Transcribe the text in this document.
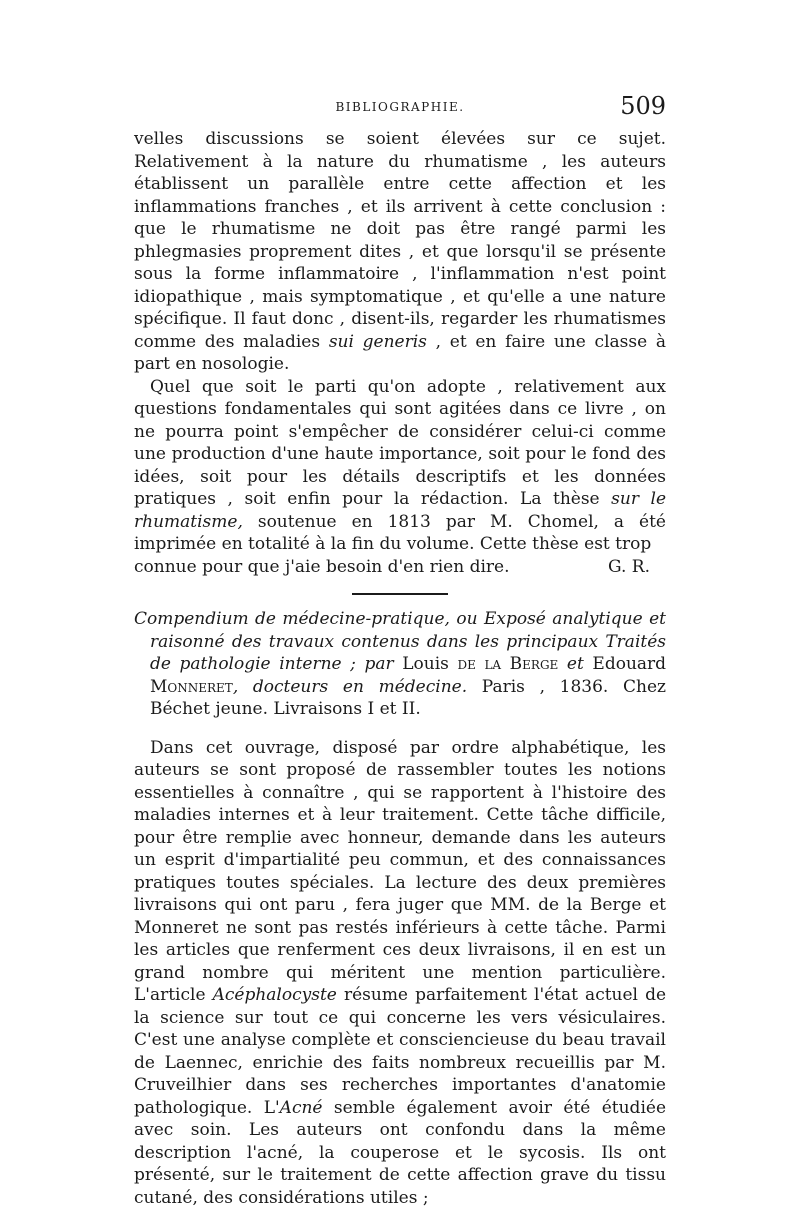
BIBLIOGRAPHIE.	509

velles discussions se soient élevées sur ce sujet. Relativement à la nature du rhumatisme , les auteurs établissent un parallèle entre cette affection et les inflammations franches , et ils arrivent à cette conclusion : que le rhumatisme ne doit pas être rangé parmi les phlegmasies proprement dites , et que lorsqu'il se présente sous la forme inflammatoire , l'inflammation n'est point idiopathique , mais symptomatique , et qu'elle a une nature spécifique. Il faut donc , disent-ils, regarder les rhumatismes comme des maladies sui generis , et en faire une classe à part en nosologie.

Quel que soit le parti qu'on adopte , relativement aux questions fondamentales qui sont agitées dans ce livre , on ne pourra point s'empêcher de considérer celui-ci comme une production d'une haute importance, soit pour le fond des idées, soit pour les détails descriptifs et les données pratiques , soit enfin pour la rédaction. La thèse sur le rhumatisme, soutenue en 1813 par M. Chomel, a été imprimée en totalité à la fin du volume. Cette thèse est trop

connue pour que j'aie besoin d'en rien dire.	G. R.

Compendium de médecine-pratique, ou Exposé analytique et raisonné des travaux contenus dans les principaux Traités de pathologie interne ; par Louis de la Berge et Edouard Monneret, docteurs en médecine. Paris , 1836. Chez Béchet jeune. Livraisons I et II.

Dans cet ouvrage, disposé par ordre alphabétique, les auteurs se sont proposé de rassembler toutes les notions essentielles à connaître , qui se rapportent à l'histoire des maladies internes et à leur traitement. Cette tâche difficile, pour être remplie avec honneur, demande dans les auteurs un esprit d'impartialité peu commun, et des connaissances pratiques toutes spéciales. La lecture des deux premières livraisons qui ont paru , fera juger que MM. de la Berge et Monneret ne sont pas restés inférieurs à cette tâche. Parmi les articles que renferment ces deux livraisons, il en est un grand nombre qui méritent une mention particulière. L'article Acéphalocyste résume parfaitement l'état actuel de la science sur tout ce qui concerne les vers vésiculaires. C'est une analyse complète et consciencieuse du beau travail de Laennec, enrichie des faits nombreux recueillis par M. Cruveilhier dans ses recherches importantes d'anatomie pathologique. L'Acné semble également avoir été étudiée avec soin. Les auteurs ont confondu dans la même description l'acné, la couperose et le sycosis. Ils ont présenté, sur le traitement de cette affection grave du tissu cutané, des considérations utiles ;
